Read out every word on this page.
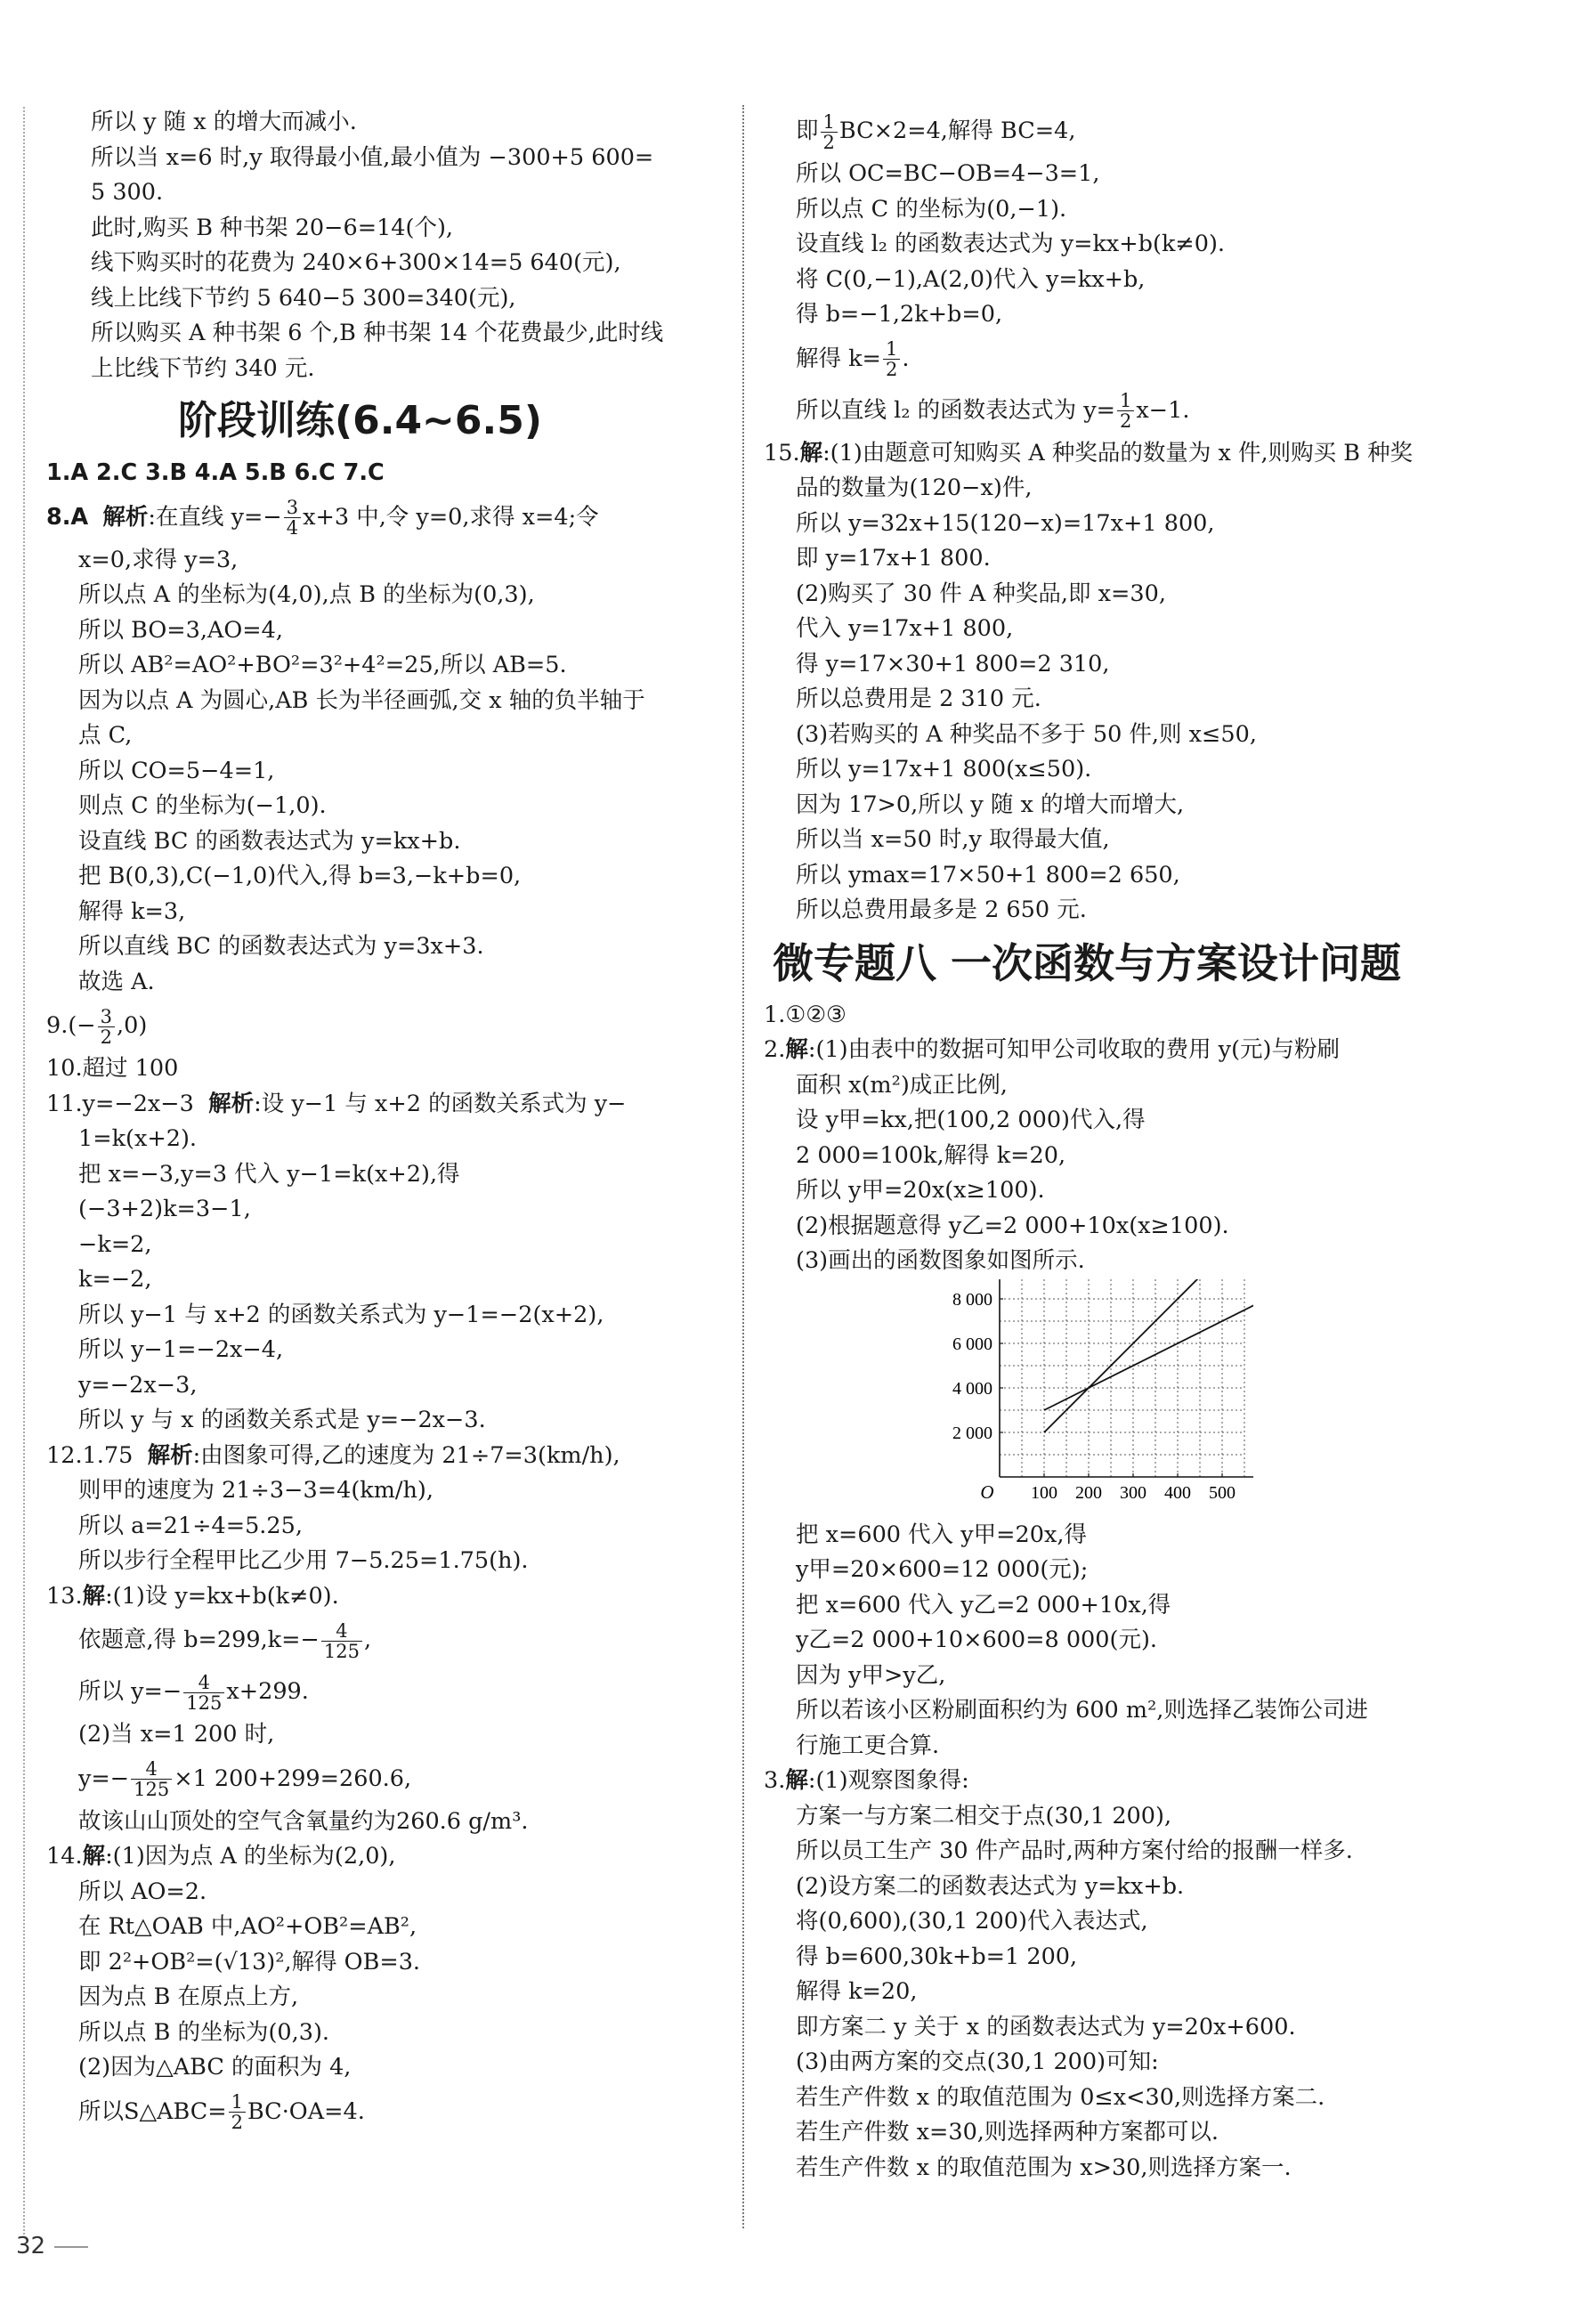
所以 y 随 x 的增大而减小.
所以当 x=6 时,y 取得最小值,最小值为 −300+5 600=
5 300.
此时,购买 B 种书架 20−6=14(个),
线下购买时的花费为 240×6+300×14=5 640(元),
线上比线下节约 5 640−5 300=340(元),
所以购买 A 种书架 6 个,B 种书架 14 个花费最少,此时线
上比线下节约 340 元.
阶段训练(6.4∼6.5)
1.A 2.C 3.B 4.A 5.B 6.C 7.C
8.A 解析:在直线 $y=- \frac{3}{4} x+3$ 中,令 y=0,求得 x=4;令
x=0,求得 y=3,
所以点 A 的坐标为(4,0),点 B 的坐标为(0,3),
所以 BO=3,AO=4,
所以 AB²=AO²+BO²=3²+4²=25,所以 AB=5.
因为以点 A 为圆心,AB 长为半径画弧,交 x 轴的负半轴于
点 C,
所以 CO=5−4=1,
则点 C 的坐标为(−1,0).
设直线 BC 的函数表达式为 y=kx+b.
把 B(0,3),C(−1,0)代入,得 b=3,−k+b=0,
解得 k=3,
所以直线 BC 的函数表达式为 y=3x+3.
故选 A.
$9.(- \frac{3}{2} ,0)$
10.超过 100
11.y=−2x−3 解析:设 y−1 与 x+2 的函数关系式为 y−
1=k(x+2).
把 x=−3,y=3 代入 y−1=k(x+2),得
(−3+2)k=3−1,
−k=2,
k=−2,
所以 y−1 与 x+2 的函数关系式为 y−1=−2(x+2),
所以 y−1=−2x−4,
y=−2x−3,
所以 y 与 x 的函数关系式是 y=−2x−3.
12.1.75 解析:由图象可得,乙的速度为 21÷7=3(km/h),
则甲的速度为 21÷3−3=4(km/h),
所以 a=21÷4=5.25,
所以步行全程甲比乙少用 7−5.25=1.75(h).
13.解:(1)设 y=kx+b(k≠0).
依题意,得 $b=299,k=- \frac{4}{125}$ ,
所以 $y=- \frac{4}{125} x+299$.
(2)当 x=1 200 时,
$y=- \frac{4}{125} \times 1$ 200+299=260.6,
故该山山顶处的空气含氧量约为260.6 g/m³.
14.解:(1)因为点 A 的坐标为(2,0),
所以 AO=2.
在 Rt△OAB 中,AO²+OB²=AB²,
即 2²+OB²=(√13)²,解得 OB=3.
因为点 B 在原点上方,
所以点 B 的坐标为(0,3).
(2)因为△ABC 的面积为 4,
所以S△ABC= $\frac{1}{2} BC\cdot OA=4$.
即 $\frac{1}{2} BC\times 2=4$,解得 BC=4,
所以 OC=BC−OB=4−3=1,
所以点 C 的坐标为(0,−1).
设直线 l₂ 的函数表达式为 y=kx+b(k≠0).
将 C(0,−1),A(2,0)代入 y=kx+b,
得 b=−1,2k+b=0,
解得 $k= \frac{1}{2}$ .
所以直线 l₂ 的函数表达式为 $y= \frac{1}{2} x-1$.
15.解:(1)由题意可知购买 A 种奖品的数量为 x 件,则购买 B 种奖
品的数量为(120−x)件,
所以 y=32x+15(120−x)=17x+1 800,
即 y=17x+1 800.
(2)购买了 30 件 A 种奖品,即 x=30,
代入 y=17x+1 800,
得 y=17×30+1 800=2 310,
所以总费用是 2 310 元.
(3)若购买的 A 种奖品不多于 50 件,则 x≤50,
所以 y=17x+1 800(x≤50).
因为 17>0,所以 y 随 x 的增大而增大,
所以当 x=50 时,y 取得最大值,
所以 ymax=17×50+1 800=2 650,
所以总费用最多是 2 650 元.
微专题八 一次函数与方案设计问题
1.①②③
2.解:(1)由表中的数据可知甲公司收取的费用 y(元)与粉刷
面积 x(m²)成正比例,
设 y甲=kx,把(100,2 000)代入,得
2 000=100k,解得 k=20,
所以 y甲=20x(x≥100).
(2)根据题意得 y乙=2 000+10x(x≥100).
(3)画出的函数图象如图所示.
100 200 300 400 500
2 000
4 000
6 000
8 000
O
把 x=600 代入 y甲=20x,得
y甲=20×600=12 000(元);
把 x=600 代入 y乙=2 000+10x,得
y乙=2 000+10×600=8 000(元).
因为 y甲>y乙,
所以若该小区粉刷面积约为 600 m²,则选择乙装饰公司进
行施工更合算.
3.解:(1)观察图象得:
方案一与方案二相交于点(30,1 200),
所以员工生产 30 件产品时,两种方案付给的报酬一样多.
(2)设方案二的函数表达式为 y=kx+b.
将(0,600),(30,1 200)代入表达式,
得 b=600,30k+b=1 200,
解得 k=20,
即方案二 y 关于 x 的函数表达式为 y=20x+600.
(3)由两方案的交点(30,1 200)可知:
若生产件数 x 的取值范围为 0≤x<30,则选择方案二.
若生产件数 x=30,则选择两种方案都可以.
若生产件数 x 的取值范围为 x>30,则选择方案一.
32
